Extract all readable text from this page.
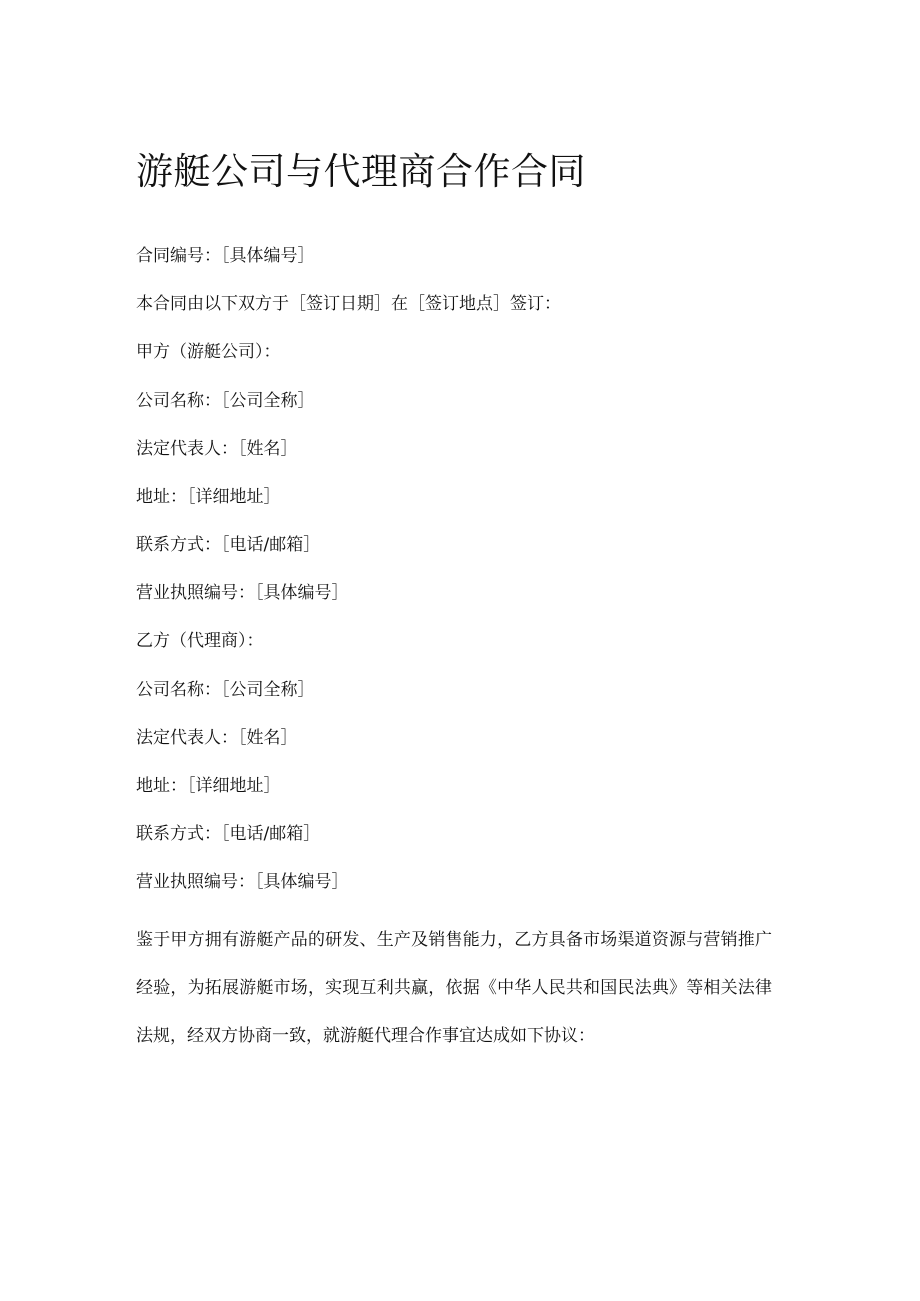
游艇公司与代理商合作合同
合同编号：［具体编号］
本合同由以下双方于［签订日期］在［签订地点］签订：
甲方（游艇公司）：
公司名称：［公司全称］
法定代表人：［姓名］
地址：［详细地址］
联系方式：［电话/邮箱］
营业执照编号：［具体编号］
乙方（代理商）：
公司名称：［公司全称］
法定代表人：［姓名］
地址：［详细地址］
联系方式：［电话/邮箱］
营业执照编号：［具体编号］

鉴于甲方拥有游艇产品的研发、生产及销售能力，乙方具备市场渠道资源与营销推广经验，为拓展游艇市场，实现互利共赢，依据《中华人民共和国民法典》等相关法律法规，经双方协商一致，就游艇代理合作事宜达成如下协议：
